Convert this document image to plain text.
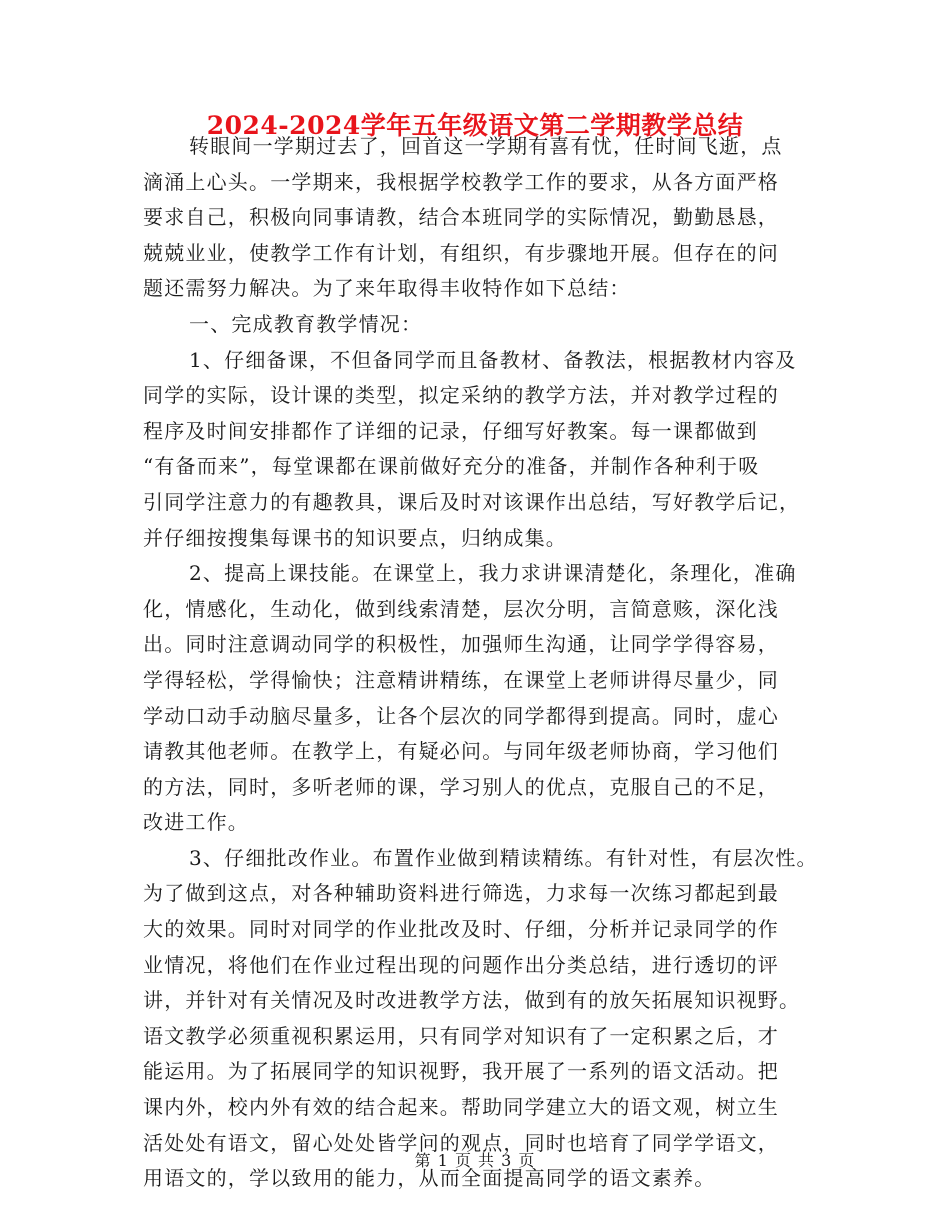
2024-2024学年五年级语文第二学期教学总结
转眼间一学期过去了，回首这一学期有喜有忧，任时间飞逝，点
滴涌上心头。一学期来，我根据学校教学工作的要求，从各方面严格
要求自己，积极向同事请教，结合本班同学的实际情况，勤勤恳恳，
兢兢业业，使教学工作有计划，有组织，有步骤地开展。但存在的问
题还需努力解决。为了来年取得丰收特作如下总结：
一、完成教育教学情况：
1、仔细备课，不但备同学而且备教材、备教法，根据教材内容及
同学的实际，设计课的类型，拟定采纳的教学方法，并对教学过程的
程序及时间安排都作了详细的记录，仔细写好教案。每一课都做到
“有备而来”，每堂课都在课前做好充分的准备，并制作各种利于吸
引同学注意力的有趣教具，课后及时对该课作出总结，写好教学后记，
并仔细按搜集每课书的知识要点，归纳成集。
2、提高上课技能。在课堂上，我力求讲课清楚化，条理化，准确
化，情感化，生动化，做到线索清楚，层次分明，言简意赅，深化浅
出。同时注意调动同学的积极性，加强师生沟通，让同学学得容易，
学得轻松，学得愉快；注意精讲精练，在课堂上老师讲得尽量少，同
学动口动手动脑尽量多，让各个层次的同学都得到提高。同时，虚心
请教其他老师。在教学上，有疑必问。与同年级老师协商，学习他们
的方法，同时，多听老师的课，学习别人的优点，克服自己的不足，
改进工作。
3、仔细批改作业。布置作业做到精读精练。有针对性，有层次性。
为了做到这点，对各种辅助资料进行筛选，力求每一次练习都起到最
大的效果。同时对同学的作业批改及时、仔细，分析并记录同学的作
业情况，将他们在作业过程出现的问题作出分类总结，进行透切的评
讲，并针对有关情况及时改进教学方法，做到有的放矢拓展知识视野。
语文教学必须重视积累运用，只有同学对知识有了一定积累之后，才
能运用。为了拓展同学的知识视野，我开展了一系列的语文活动。把
课内外，校内外有效的结合起来。帮助同学建立大的语文观，树立生
活处处有语文，留心处处皆学问的观点，同时也培育了同学学语文，
用语文的，学以致用的能力，从而全面提高同学的语文素养。
第 1 页 共 3 页
